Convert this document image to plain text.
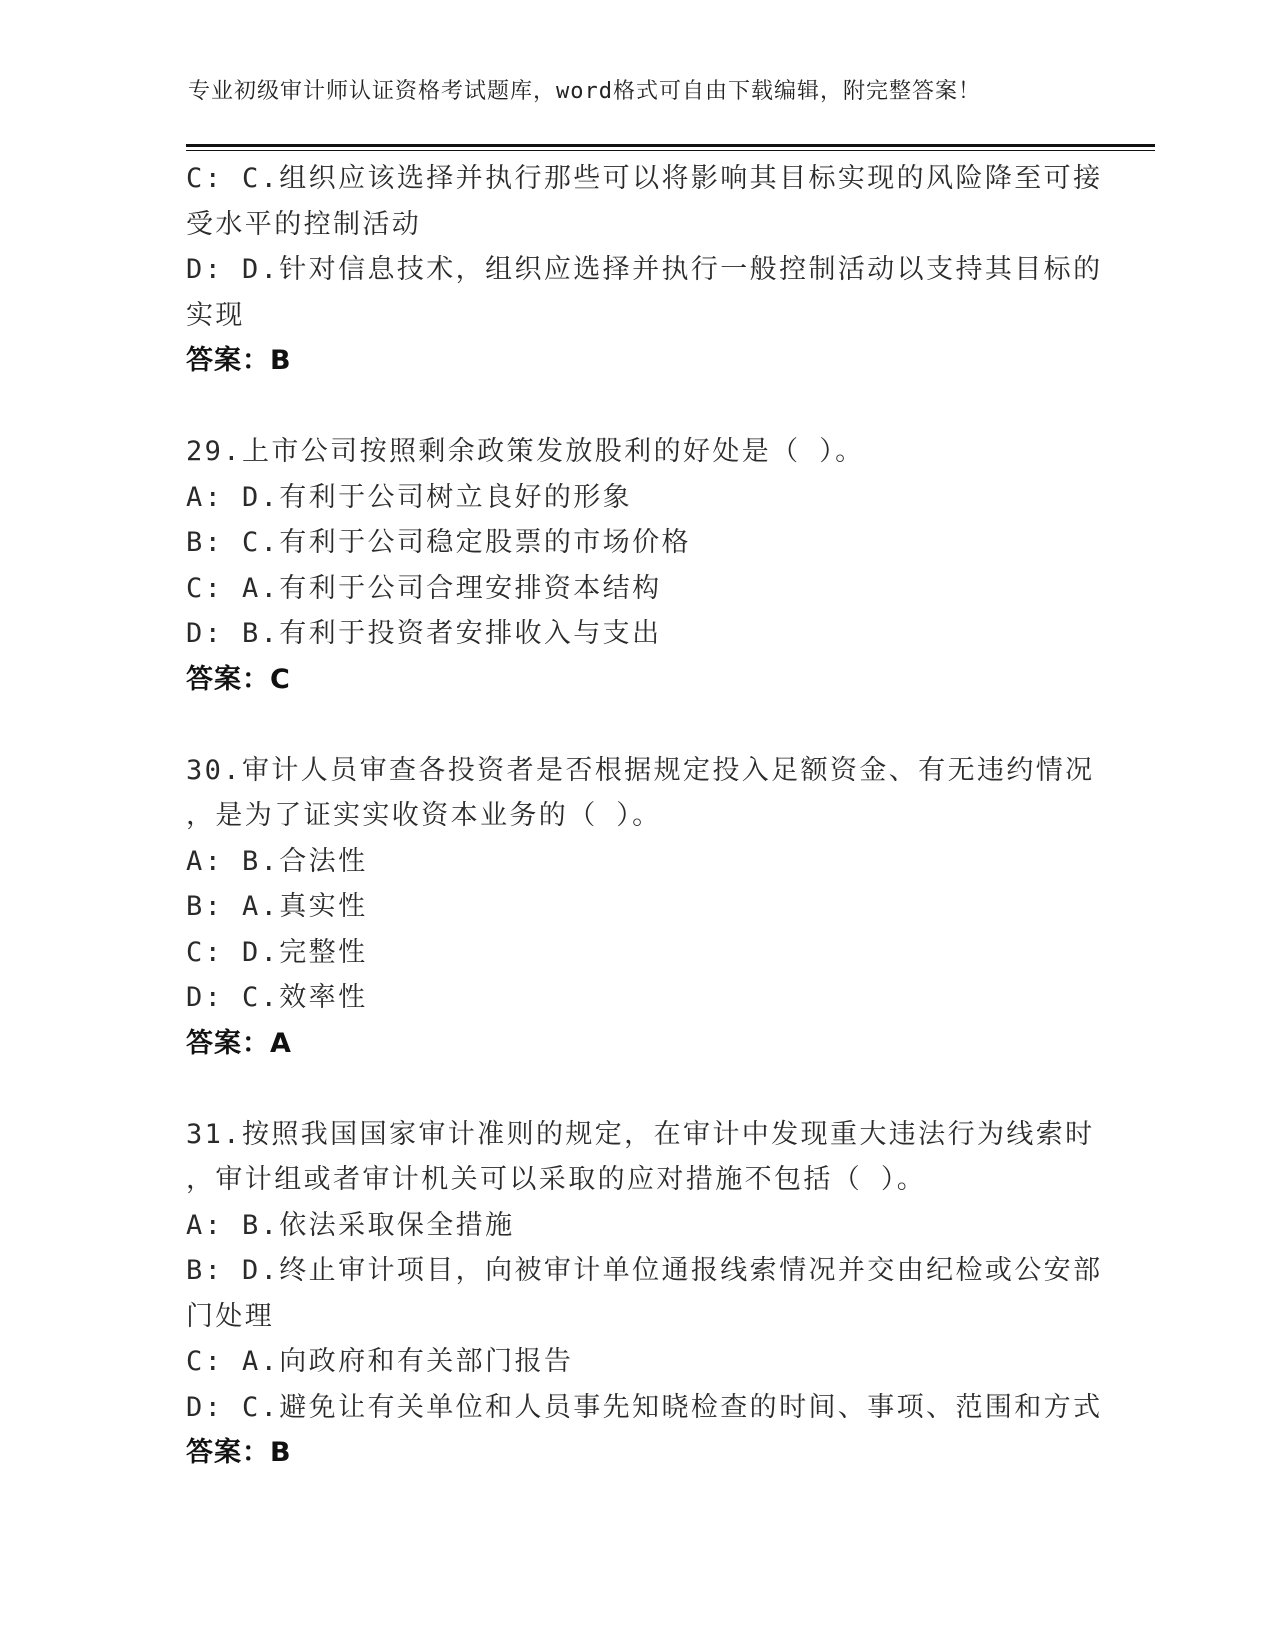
专业初级审计师认证资格考试题库，word格式可自由下载编辑，附完整答案！
C: C.组织应该选择并执行那些可以将影响其目标实现的风险降至可接
受水平的控制活动
D: D.针对信息技术，组织应选择并执行一般控制活动以支持其目标的
实现
答案：B
29.上市公司按照剩余政策发放股利的好处是（ ）。
A: D.有利于公司树立良好的形象
B: C.有利于公司稳定股票的市场价格
C: A.有利于公司合理安排资本结构
D: B.有利于投资者安排收入与支出
答案：C
30.审计人员审查各投资者是否根据规定投入足额资金、有无违约情况
，是为了证实实收资本业务的（ ）。
A: B.合法性
B: A.真实性
C: D.完整性
D: C.效率性
答案：A
31.按照我国国家审计准则的规定，在审计中发现重大违法行为线索时
，审计组或者审计机关可以采取的应对措施不包括（ ）。
A: B.依法采取保全措施
B: D.终止审计项目，向被审计单位通报线索情况并交由纪检或公安部
门处理
C: A.向政府和有关部门报告
D: C.避免让有关单位和人员事先知晓检查的时间、事项、范围和方式
答案：B
